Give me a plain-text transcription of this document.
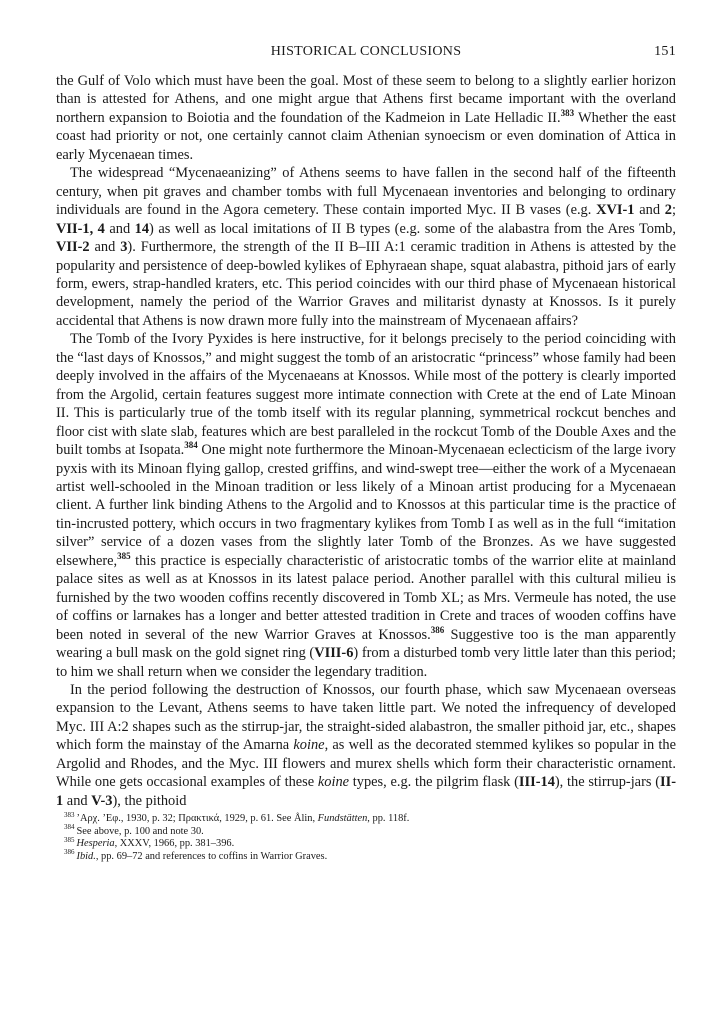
HISTORICAL CONCLUSIONS	151

the Gulf of Volo which must have been the goal. Most of these seem to belong to a slightly earlier horizon than is attested for Athens, and one might argue that Athens first became important with the overland northern expansion to Boiotia and the foundation of the Kadmeion in Late Helladic II.$^{383}$ Whether the east coast had priority or not, one certainly cannot claim Athenian synoecism or even domination of Attica in early Mycenaean times.

The widespread “Mycenaeanizing” of Athens seems to have fallen in the second half of the fifteenth century, when pit graves and chamber tombs with full Mycenaean inventories and belonging to ordinary individuals are found in the Agora cemetery. These contain imported Myc. II B vases (e.g. XVI-1 and 2; VII-1, 4 and 14) as well as local imitations of II B types (e.g. some of the alabastra from the Ares Tomb, VII-2 and 3). Furthermore, the strength of the II B–III A:1 ceramic tradition in Athens is attested by the popularity and persistence of deep-bowled kylikes of Ephyraean shape, squat alabastra, pithoid jars of early form, ewers, strap-handled kraters, etc. This period coincides with our third phase of Mycenaean historical development, namely the period of the Warrior Graves and militarist dynasty at Knossos. Is it purely accidental that Athens is now drawn more fully into the mainstream of Mycenaean affairs?

The Tomb of the Ivory Pyxides is here instructive, for it belongs precisely to the period coinciding with the “last days of Knossos,” and might suggest the tomb of an aristocratic “princess” whose family had been deeply involved in the affairs of the Mycenaeans at Knossos. While most of the pottery is clearly imported from the Argolid, certain features suggest more intimate connection with Crete at the end of Late Minoan II. This is particularly true of the tomb itself with its regular planning, symmetrical rockcut benches and floor cist with slate slab, features which are best paralleled in the rockcut Tomb of the Double Axes and the built tombs at Isopata.$^{384}$ One might note furthermore the Minoan-Mycenaean eclecticism of the large ivory pyxis with its Minoan flying gallop, crested griffins, and wind-swept tree—either the work of a Mycenaean artist well-schooled in the Minoan tradition or less likely of a Minoan artist producing for a Mycenaean client. A further link binding Athens to the Argolid and to Knossos at this particular time is the practice of tin-incrusted pottery, which occurs in two fragmentary kylikes from Tomb I as well as in the full “imitation silver” service of a dozen vases from the slightly later Tomb of the Bronzes. As we have suggested elsewhere,$^{385}$ this practice is especially characteristic of aristocratic tombs of the warrior elite at mainland palace sites as well as at Knossos in its latest palace period. Another parallel with this cultural milieu is furnished by the two wooden coffins recently discovered in Tomb XL; as Mrs. Vermeule has noted, the use of coffins or larnakes has a longer and better attested tradition in Crete and traces of wooden coffins have been noted in several of the new Warrior Graves at Knossos.$^{386}$ Suggestive too is the man apparently wearing a bull mask on the gold signet ring (VIII-6) from a disturbed tomb very little later than this period; to him we shall return when we consider the legendary tradition.

In the period following the destruction of Knossos, our fourth phase, which saw Mycenaean overseas expansion to the Levant, Athens seems to have taken little part. We noted the infrequency of developed Myc. III A:2 shapes such as the stirrup-jar, the straight-sided alabastron, the smaller pithoid jar, etc., shapes which form the mainstay of the Amarna koine, as well as the decorated stemmed kylikes so popular in the Argolid and Rhodes, and the Myc. III flowers and murex shells which form their characteristic ornament. While one gets occasional examples of these koine types, e.g. the pilgrim flask (III-14), the stirrup-jars (II-1 and V-3), the pithoid

$^{383}$ ’Αρχ. ’Εφ., 1930, p. 32; Πρακτικά, 1929, p. 61. See Ålin, Fundstätten, pp. 118f.
$^{384}$ See above, p. 100 and note 30.
$^{385}$ Hesperia, XXXV, 1966, pp. 381–396.
$^{386}$ Ibid., pp. 69–72 and references to coffins in Warrior Graves.
